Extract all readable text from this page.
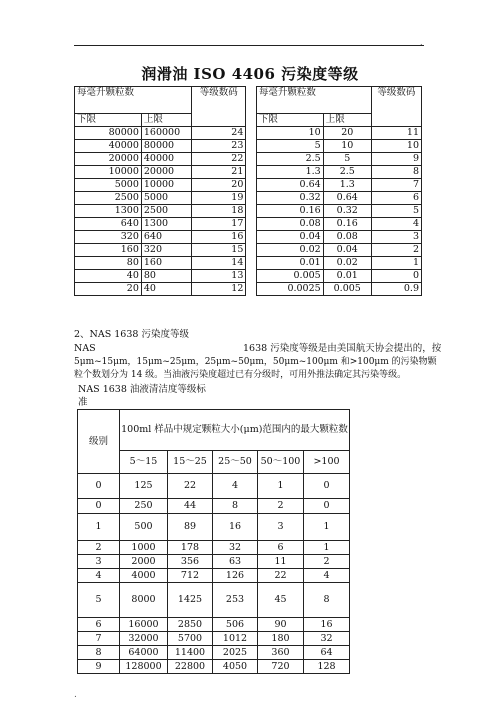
.
润滑油 ISO 4406 污染度等级
每毫升颗粒数		等级数码		每毫升颗粒数		等级数码
下限	上限			下限	上限	
80000	160000	24		10	20	11
40000	80000	23		5	10	10
20000	40000	22		2.5	5	9
10000	20000	21		1.3	2.5	8
5000	10000	20		0.64	1.3	7
2500	5000	19		0.32	0.64	6
1300	2500	18		0.16	0.32	5
640	1300	17		0.08	0.16	4
320	640	16		0.04	0.08	3
160	320	15		0.02	0.04	2
80	160	14		0.01	0.02	1
40	80	13		0.005	0.01	0
20	40	12		0.0025	0.005	0.9
2、NAS 1638 污染度等级
NAS	1638 污染度等级是由美国航天协会提出的，按
5μm~15μm，15μm~25μm，25μm~50μm，50μm~100μm 和>100μm 的污染物颗
粒个数划分为 14 级。当油液污染度超过已有分级时，可用外推法确定其污染等级。
NAS 1638 油液清洁度等级标
准
级别	100ml 样品中规定颗粒大小(μm)范围内的最大颗粒数				
	5～15	15～25	25～50	50～100	>100
0	125	22	4	1	0
0	250	44	8	2	0
1	500	89	16	3	1
2	1000	178	32	6	1
3	2000	356	63	11	2
4	4000	712	126	22	4
5	8000	1425	253	45	8
6	16000	2850	506	90	16
7	32000	5700	1012	180	32
8	64000	11400	2025	360	64
9	128000	22800	4050	720	128
.
